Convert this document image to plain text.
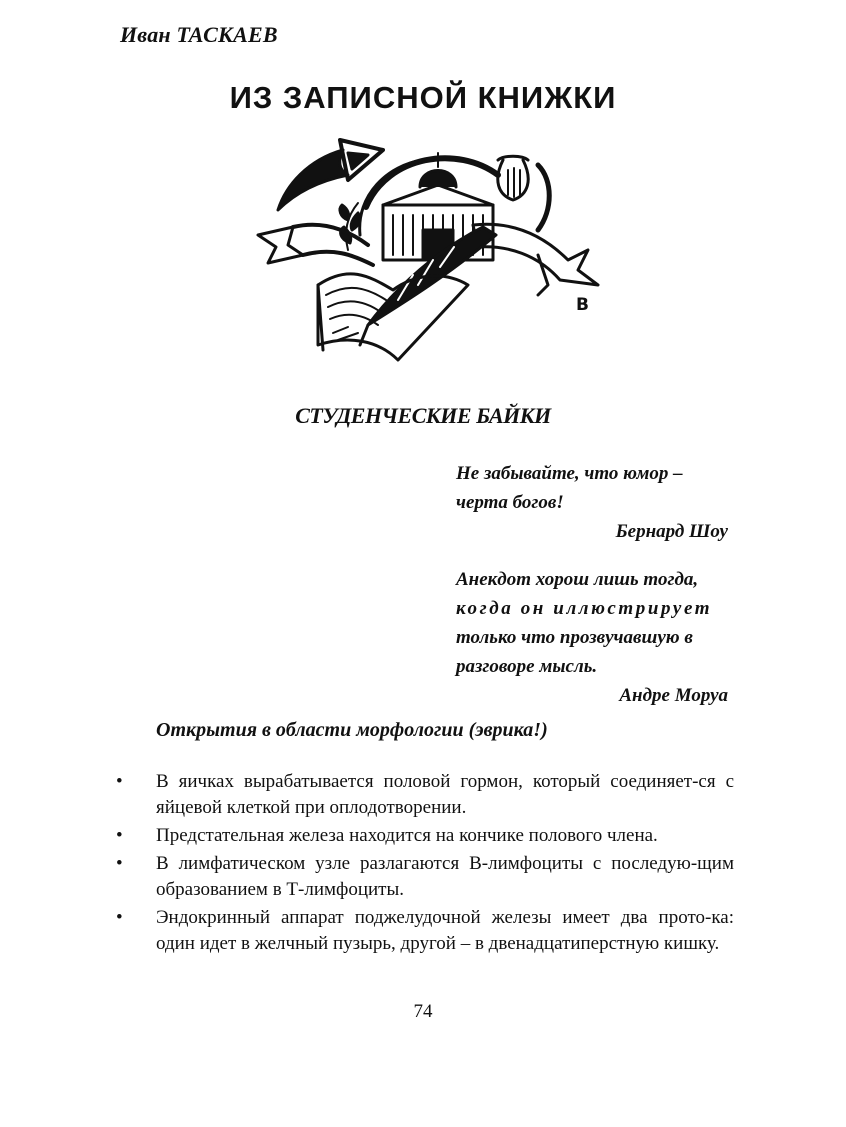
Иван ТАСКАЕВ
ИЗ ЗАПИСНОЙ КНИЖКИ
В
СТУДЕНЧЕСКИЕ БАЙКИ
Не забывайте, что юмор –
черта богов!
Бернард Шоу
Анекдот хорош лишь тогда,
когда он иллюстрирует
только что прозвучавшую в
разговоре мысль.
Андре Моруа
Открытия в области морфологии (эврика!)
• В яичках вырабатывается половой гормон, который соединяет-ся с яйцевой клеткой при оплодотворении.
• Предстательная железа находится на кончике полового члена.
• В лимфатическом узле разлагаются В-лимфоциты с последую-щим образованием в Т-лимфоциты.
• Эндокринный аппарат поджелудочной железы имеет два прото-ка: один идет в желчный пузырь, другой – в двенадцатиперстную кишку.
74
